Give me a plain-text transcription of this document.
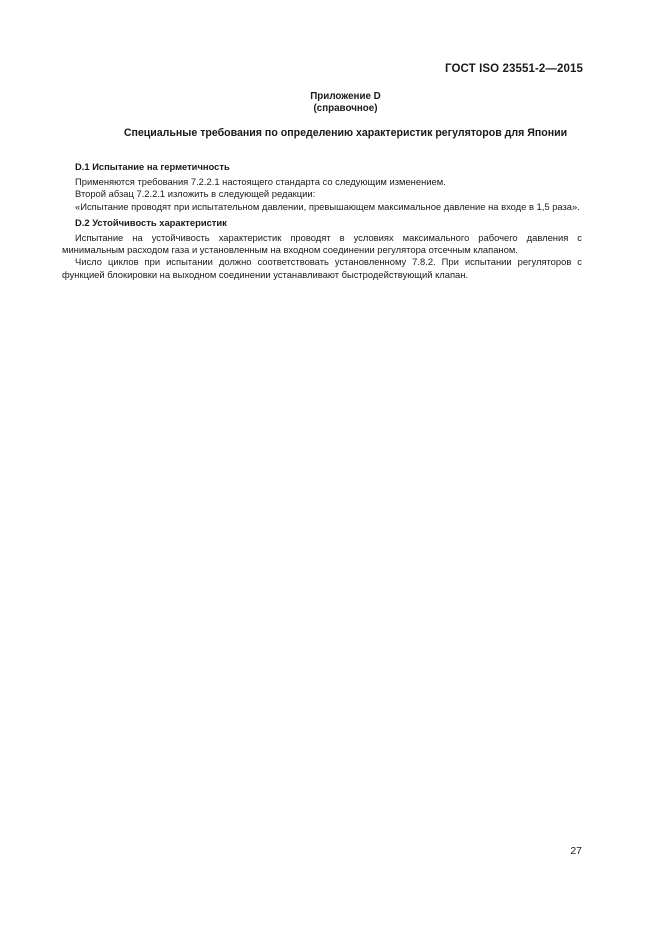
ГОСТ ISO 23551-2—2015
Приложение D
(справочное)
Специальные требования по определению характеристик регуляторов для Японии

D.1 Испытание на герметичность

Применяются требования 7.2.2.1 настоящего стандарта со следующим изменением.

Второй абзац 7.2.2.1 изложить в следующей редакции:

«Испытание проводят при испытательном давлении, превышающем максимальное давление на входе в 1,5 раза».

D.2 Устойчивость характеристик

Испытание на устойчивость характеристик проводят в условиях максимального рабочего давления с минимальным расходом газа и установленным на входном соединении регулятора отсечным клапаном.

Число циклов при испытании должно соответствовать установленному 7.8.2. При испытании регуляторов с функцией блокировки на выходном соединении устанавливают быстродействующий клапан.

27
